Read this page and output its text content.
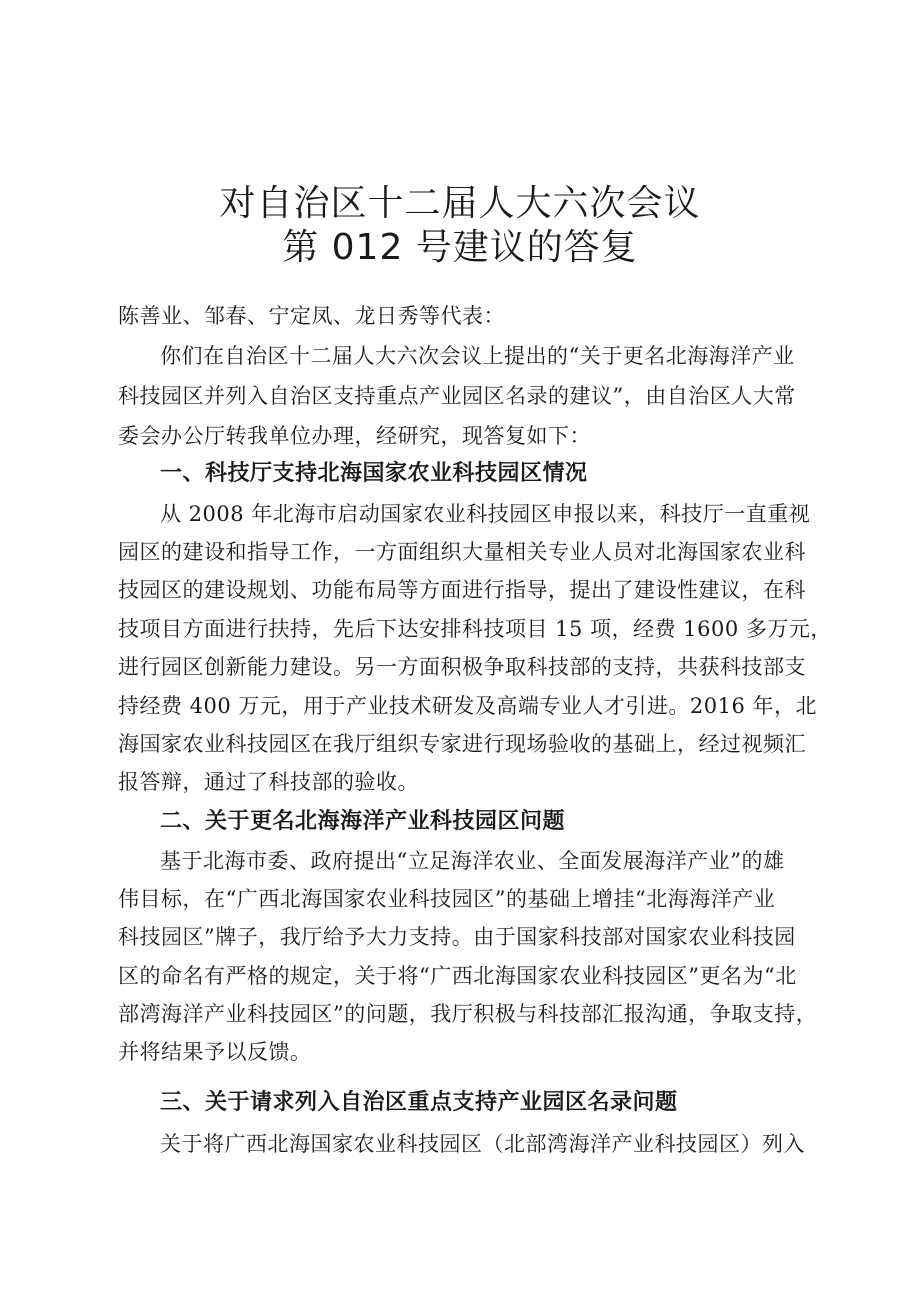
对自治区十二届人大六次会议
第 012 号建议的答复

陈善业、邹春、宁定凤、龙日秀等代表：

你们在自治区十二届人大六次会议上提出的“关于更名北海海洋产业

科技园区并列入自治区支持重点产业园区名录的建议”，由自治区人大常

委会办公厅转我单位办理，经研究，现答复如下：

一、科技厅支持北海国家农业科技园区情况

从 2008 年北海市启动国家农业科技园区申报以来，科技厅一直重视

园区的建设和指导工作，一方面组织大量相关专业人员对北海国家农业科

技园区的建设规划、功能布局等方面进行指导，提出了建设性建议，在科

技项目方面进行扶持，先后下达安排科技项目 15 项，经费 1600 多万元，

进行园区创新能力建设。另一方面积极争取科技部的支持，共获科技部支

持经费 400 万元，用于产业技术研发及高端专业人才引进。2016 年，北

海国家农业科技园区在我厅组织专家进行现场验收的基础上，经过视频汇

报答辩，通过了科技部的验收。

二、关于更名北海海洋产业科技园区问题

基于北海市委、政府提出“立足海洋农业、全面发展海洋产业”的雄

伟目标，在“广西北海国家农业科技园区”的基础上增挂“北海海洋产业

科技园区”牌子，我厅给予大力支持。由于国家科技部对国家农业科技园

区的命名有严格的规定，关于将“广西北海国家农业科技园区”更名为“北

部湾海洋产业科技园区”的问题，我厅积极与科技部汇报沟通，争取支持，

并将结果予以反馈。

三、关于请求列入自治区重点支持产业园区名录问题

关于将广西北海国家农业科技园区（北部湾海洋产业科技园区）列入
